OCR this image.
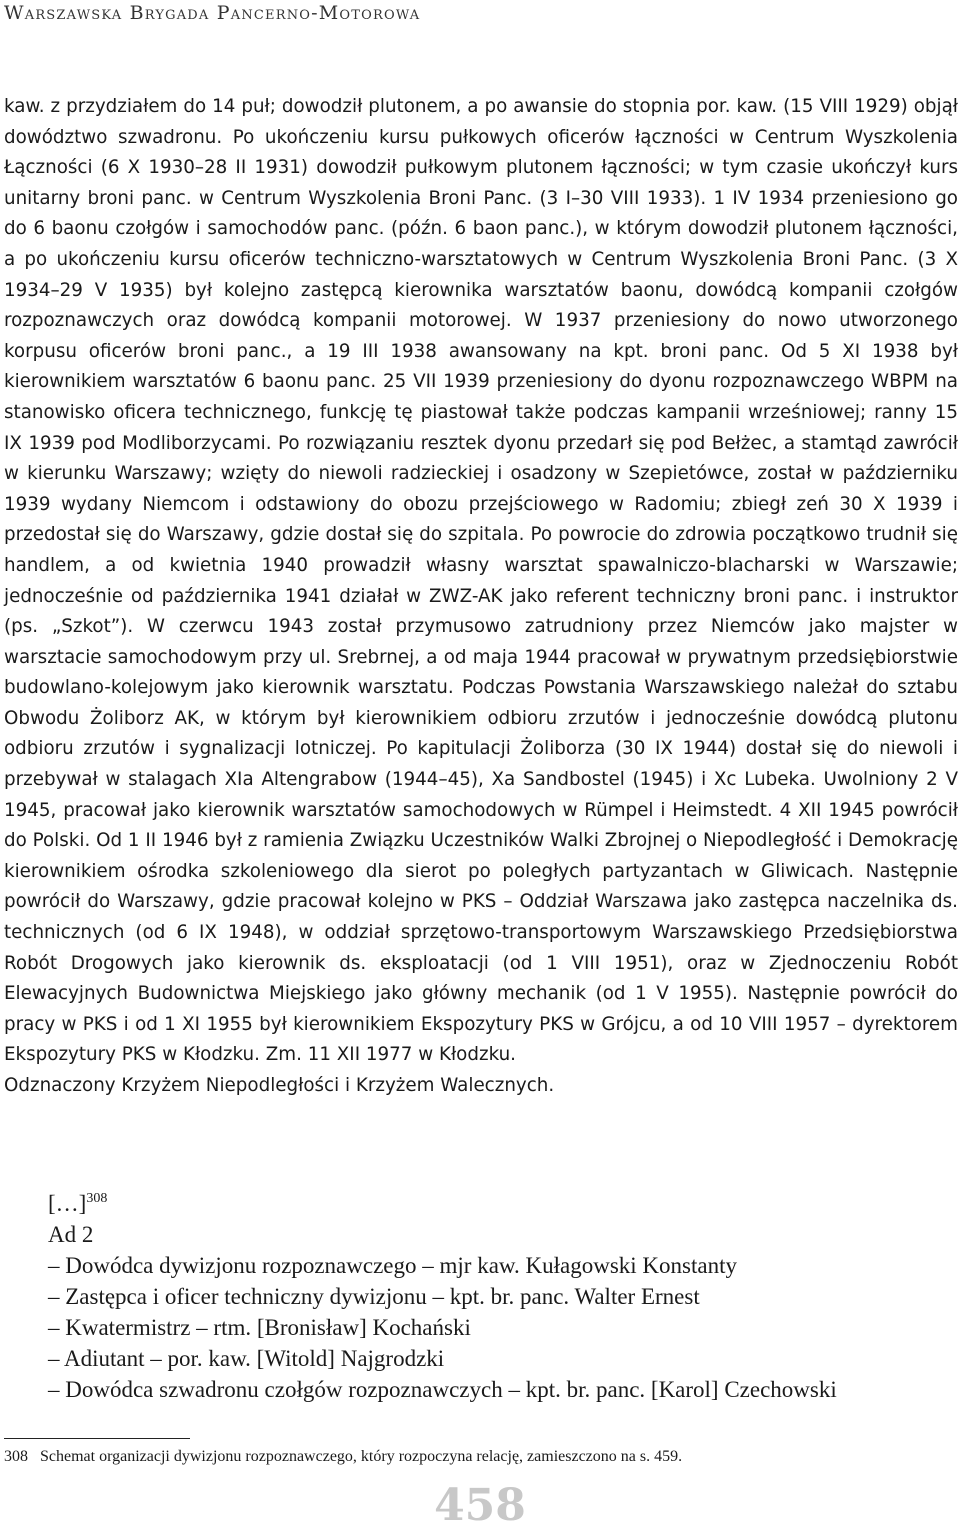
Warszawska Brygada Pancerno-Motorowa

kaw. z przydziałem do 14 puł; dowodził plutonem, a po awansie do stopnia por. kaw. (15 VIII 1929) objął dowództwo szwadronu. Po ukończeniu kursu pułkowych oficerów łączności w Centrum Wyszkolenia Łączności (6 X 1930–28 II 1931) dowodził pułkowym plutonem łączności; w tym czasie ukończył kurs unitarny broni panc. w Centrum Wyszkolenia Broni Panc. (3 I–30 VIII 1933). 1 IV 1934 przeniesiono go do 6 baonu czołgów i samochodów panc. (późn. 6 baon panc.), w którym dowodził plutonem łączności, a po ukończeniu kursu oficerów techniczno-warsztatowych w Centrum Wyszkolenia Broni Panc. (3 X 1934–29 V 1935) był kolejno zastępcą kierownika warsztatów baonu, dowódcą kompanii czołgów rozpoznawczych oraz dowódcą kompanii motorowej. W 1937 przeniesiony do nowo utworzonego korpusu oficerów broni panc., a 19 III 1938 awansowany na kpt. broni panc. Od 5 XI 1938 był kierownikiem warsztatów 6 baonu panc. 25 VII 1939 przeniesiony do dyonu rozpoznawczego WBPM na stanowisko oficera technicznego, funkcję tę piastował także podczas kampanii wrześniowej; ranny 15 IX 1939 pod Modliborzycami. Po rozwiązaniu resztek dyonu przedarł się pod Bełżec, a stamtąd zawrócił w kierunku Warszawy; wzięty do niewoli radzieckiej i osadzony w Szepietówce, został w październiku 1939 wydany Niemcom i odstawiony do obozu przejściowego w Radomiu; zbiegł zeń 30 X 1939 i przedostał się do Warszawy, gdzie dostał się do szpitala. Po powrocie do zdrowia początkowo trudnił się handlem, a od kwietnia 1940 prowadził własny warsztat spawalniczo-blacharski w Warszawie; jednocześnie od października 1941 działał w ZWZ-AK jako referent techniczny broni panc. i instruktor (ps. „Szkot”). W czerwcu 1943 został przymusowo zatrudniony przez Niemców jako majster w warsztacie samochodowym przy ul. Srebrnej, a od maja 1944 pracował w prywatnym przedsiębiorstwie budowlano-kolejowym jako kierownik warsztatu. Podczas Powstania Warszawskiego należał do sztabu Obwodu Żoliborz AK, w którym był kierownikiem odbioru zrzutów i jednocześnie dowódcą plutonu odbioru zrzutów i sygnalizacji lotniczej. Po kapitulacji Żoliborza (30 IX 1944) dostał się do niewoli i przebywał w stalagach XIa Altengrabow (1944–45), Xa Sandbostel (1945) i Xc Lubeka. Uwolniony 2 V 1945, pracował jako kierownik warsztatów samochodowych w Rümpel i Heimstedt. 4 XII 1945 powrócił do Polski. Od 1 II 1946 był z ramienia Związku Uczestników Walki Zbrojnej o Niepodległość i Demokrację kierownikiem ośrodka szkoleniowego dla sierot po poległych partyzantach w Gliwicach. Następnie powrócił do Warszawy, gdzie pracował kolejno w PKS – Oddział Warszawa jako zastępca naczelnika ds. technicznych (od 6 IX 1948), w oddział sprzętowo-transportowym Warszawskiego Przedsiębiorstwa Robót Drogowych jako kierownik ds. eksploatacji (od 1 VIII 1951), oraz w Zjednoczeniu Robót Elewacyjnych Budownictwa Miejskiego jako główny mechanik (od 1 V 1955). Następnie powrócił do pracy w PKS i od 1 XI 1955 był kierownikiem Ekspozytury PKS w Grójcu, a od 10 VIII 1957 – dyrektorem Ekspozytury PKS w Kłodzku. Zm. 11 XII 1977 w Kłodzku.

Odznaczony Krzyżem Niepodległości i Krzyżem Walecznych.

[…]$^{308}$
Ad 2
– Dowódca dywizjonu rozpoznawczego – mjr kaw. Kułagowski Konstanty
– Zastępca i oficer techniczny dywizjonu – kpt. br. panc. Walter Ernest
– Kwatermistrz – rtm. [Bronisław] Kochański
– Adiutant – por. kaw. [Witold] Najgrodzki
– Dowódca szwadronu czołgów rozpoznawczych – kpt. br. panc. [Karol] Czechowski
308 Schemat organizacji dywizjonu rozpoznawczego, który rozpoczyna relację, zamieszczono na s. 459.
458
